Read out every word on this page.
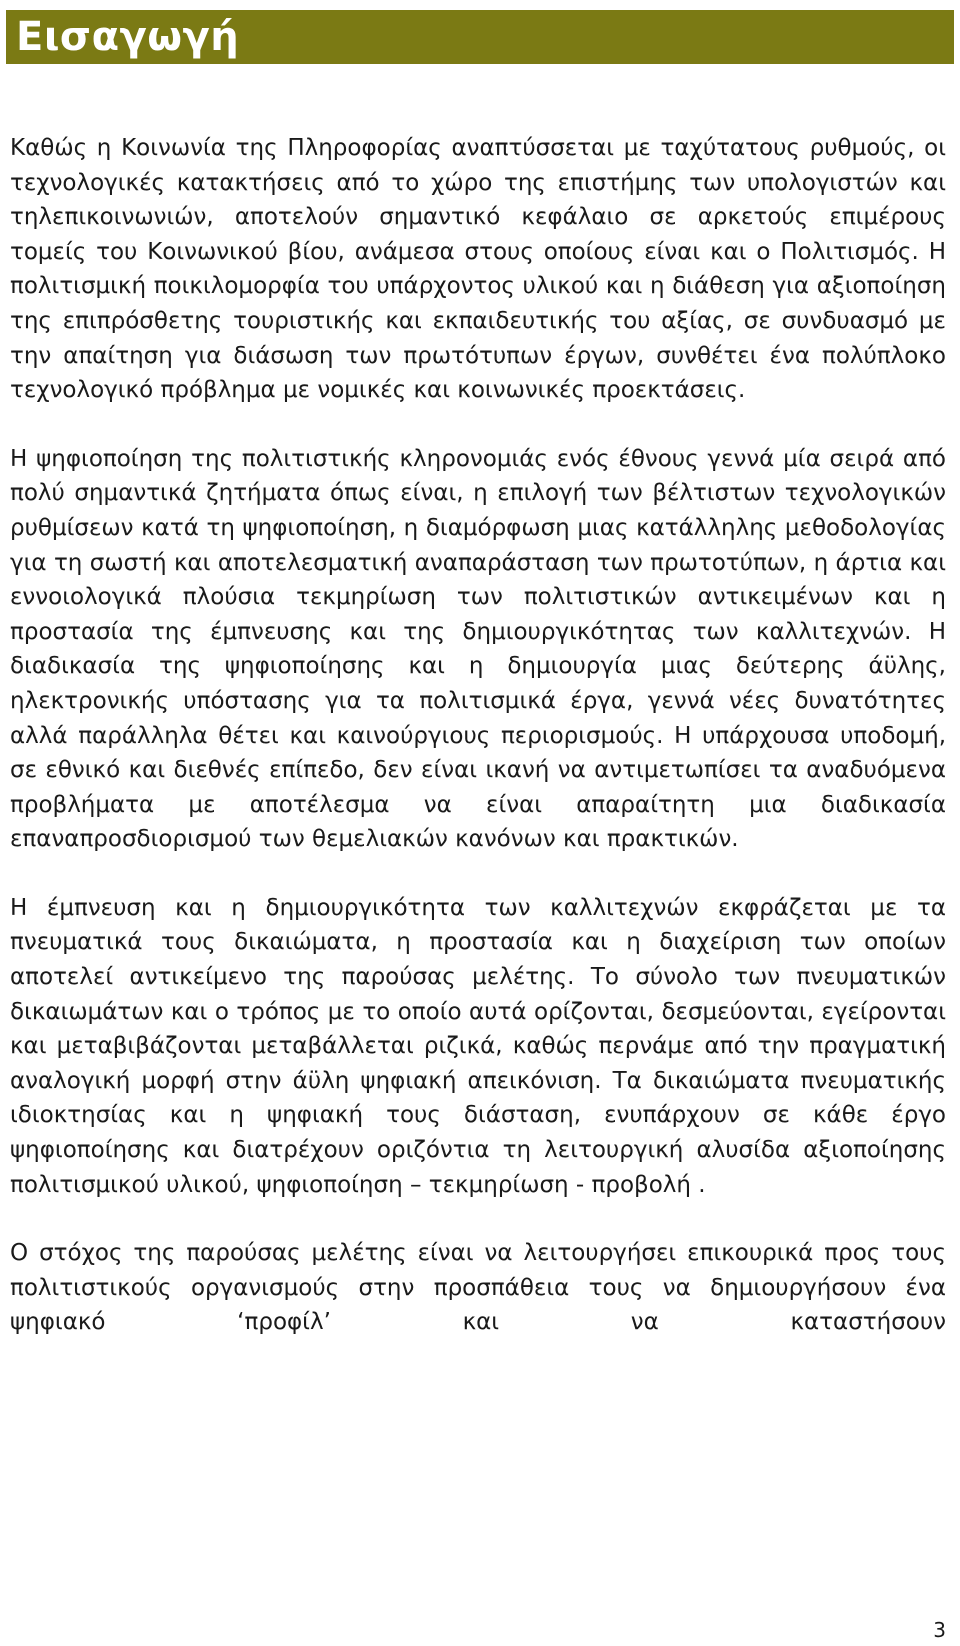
Εισαγωγή

Καθώς η Κοινωνία της Πληροφορίας αναπτύσσεται με ταχύτατους ρυθμούς, οι τεχνολογικές κατακτήσεις από το χώρο της επιστήμης των υπολογιστών και τηλεπικοινωνιών, αποτελούν σημαντικό κεφάλαιο σε αρκετούς επιμέρους τομείς του Κοινωνικού βίου, ανάμεσα στους οποίους είναι και ο Πολιτισμός. Η πολιτισμική ποικιλομορφία του υπάρχοντος υλικού και η διάθεση για αξιοποίηση της επιπρόσθετης τουριστικής και εκπαιδευτικής του αξίας, σε συνδυασμό με την απαίτηση για διάσωση των πρωτότυπων έργων, συνθέτει ένα πολύπλοκο τεχνολογικό πρόβλημα με νομικές και κοινωνικές προεκτάσεις.

Η ψηφιοποίηση της πολιτιστικής κληρονομιάς ενός έθνους γεννά μία σειρά από πολύ σημαντικά ζητήματα όπως είναι, η επιλογή των βέλτιστων τεχνολογικών ρυθμίσεων κατά τη ψηφιοποίηση, η διαμόρφωση μιας κατάλληλης μεθοδολογίας για τη σωστή και αποτελεσματική αναπαράσταση των πρωτοτύπων, η άρτια και εννοιολογικά πλούσια τεκμηρίωση των πολιτιστικών αντικειμένων και η προστασία της έμπνευσης και της δημιουργικότητας των καλλιτεχνών. Η διαδικασία της ψηφιοποίησης και η δημιουργία μιας δεύτερης άϋλης, ηλεκτρονικής υπόστασης για τα πολιτισμικά έργα, γεννά νέες δυνατότητες αλλά παράλληλα θέτει και καινούργιους περιορισμούς. Η υπάρχουσα υποδομή, σε εθνικό και διεθνές επίπεδο, δεν είναι ικανή να αντιμετωπίσει τα αναδυόμενα προβλήματα με αποτέλεσμα να είναι απαραίτητη μια διαδικασία επαναπροσδιορισμού των θεμελιακών κανόνων και πρακτικών.

Η έμπνευση και η δημιουργικότητα των καλλιτεχνών εκφράζεται με τα πνευματικά τους δικαιώματα, η προστασία και η διαχείριση των οποίων αποτελεί αντικείμενο της παρούσας μελέτης. Το σύνολο των πνευματικών δικαιωμάτων και ο τρόπος με το οποίο αυτά ορίζονται, δεσμεύονται, εγείρονται και μεταβιβάζονται μεταβάλλεται ριζικά, καθώς περνάμε από την πραγματική αναλογική μορφή στην άϋλη ψηφιακή απεικόνιση. Τα δικαιώματα πνευματικής ιδιοκτησίας και η ψηφιακή τους διάσταση, ενυπάρχουν σε κάθε έργο ψηφιοποίησης και διατρέχουν οριζόντια τη λειτουργική αλυσίδα αξιοποίησης πολιτισμικού υλικού, ψηφιοποίηση – τεκμηρίωση - προβολή .

Ο στόχος της παρούσας μελέτης είναι να λειτουργήσει επικουρικά προς τους πολιτιστικούς οργανισμούς στην προσπάθεια τους να δημιουργήσουν ένα ψηφιακό ‘προφίλ’ και να καταστήσουν

3
